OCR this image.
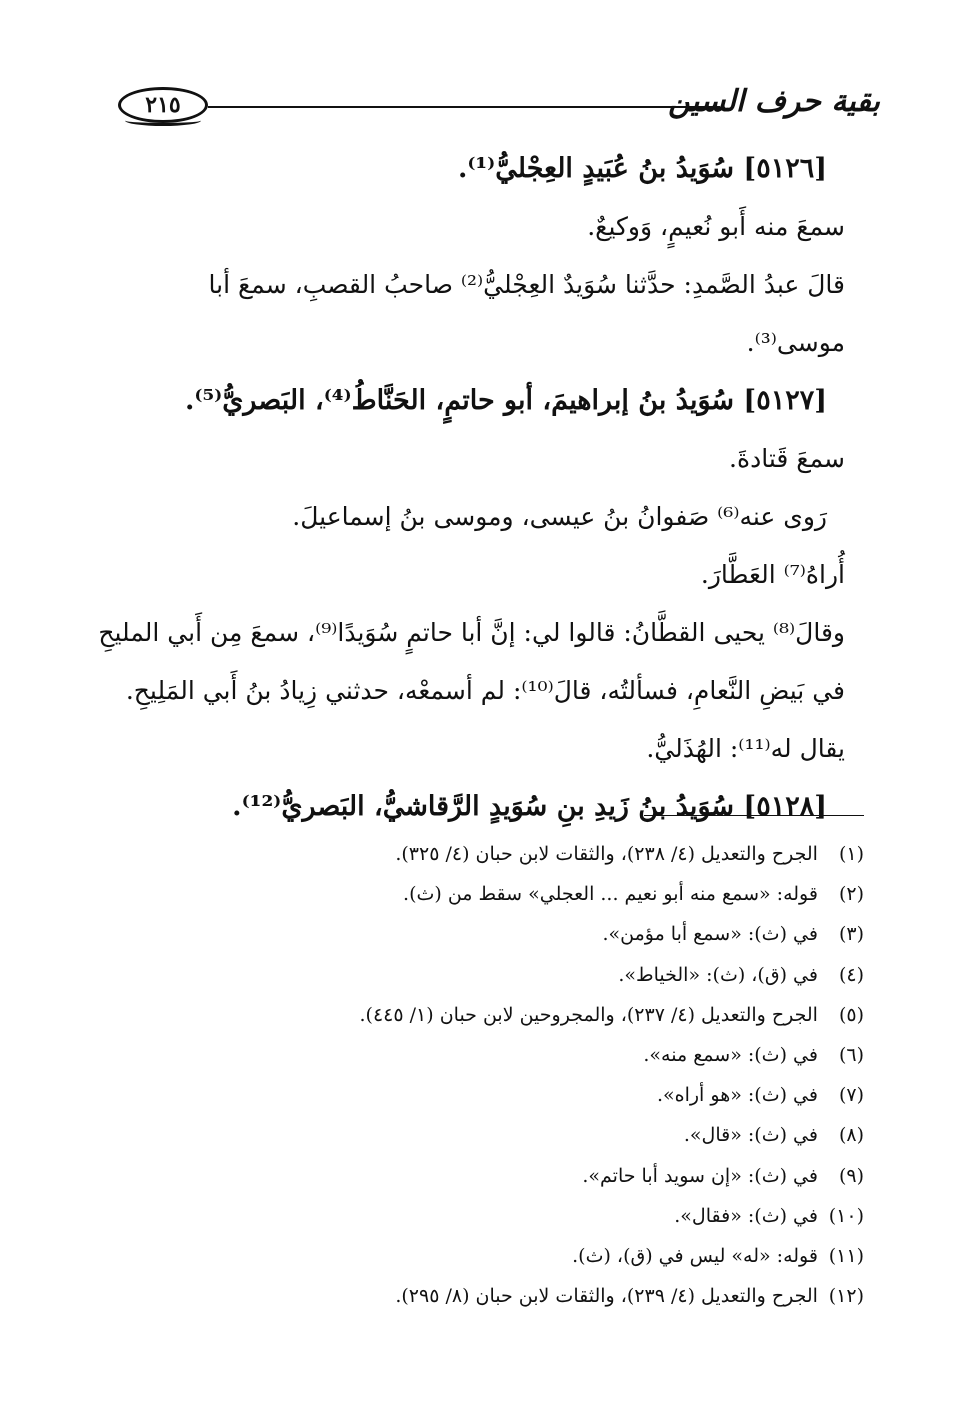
بقية حرف السين
٢١٥
[٥١٢٦] سُوَيدُ بنُ عُبَيدٍ العِجْليُّ⁽¹⁾.
سمعَ منه أَبو نُعيمٍ، وَوكيعٌ.
قالَ عبدُ الصَّمدِ: حدَّثنا سُوَيدٌ العِجْليُّ⁽²⁾ صاحبُ القصبِ، سمعَ أبا
موسى⁽³⁾.
[٥١٢٧] سُوَيدُ بنُ إبراهيمَ، أبو حاتمٍ، الحَنَّاطُ⁽⁴⁾، البَصريُّ⁽⁵⁾.
سمعَ قَتادةَ.
رَوى عنه⁽⁶⁾ صَفوانُ بنُ عيسى، وموسى بنُ إسماعيلَ.
أُراهُ⁽⁷⁾ العَطَّارَ.
وقالَ⁽⁸⁾ يحيى القطَّانُ: قالوا لي: إنَّ أبا حاتمٍ سُوَيدًا⁽⁹⁾، سمعَ مِن أَبي المليحِ
في بَيضِ النَّعامِ، فسألتُه، قالَ⁽¹⁰⁾: لم أسمعْه، حدثني زِيادُ بنُ أَبي المَلِيحِ.
يقال له⁽¹¹⁾: الهُذَليُّ.
[٥١٢٨] سُوَيدُ بنُ زَيدِ بنِ سُوَيدٍ الرَّقاشيُّ، البَصريُّ⁽¹²⁾.
(١) الجرح والتعديل (٤/ ٢٣٨)، والثقات لابن حبان (٤/ ٣٢٥).
(٢) قوله: «سمع منه أبو نعيم ... العجلي» سقط من (ث).
(٣) في (ث): «سمع أبا مؤمن».
(٤) في (ق)، (ث): «الخياط».
(٥) الجرح والتعديل (٤/ ٢٣٧)، والمجروحين لابن حبان (١/ ٤٤٥).
(٦) في (ث): «سمع منه».
(٧) في (ث): «هو أراه».
(٨) في (ث): «قال».
(٩) في (ث): «إن سويد أبا حاتم».
(١٠) في (ث): «فقال».
(١١) قوله: «له» ليس في (ق)، (ث).
(١٢) الجرح والتعديل (٤/ ٢٣٩)، والثقات لابن حبان (٨/ ٢٩٥).
